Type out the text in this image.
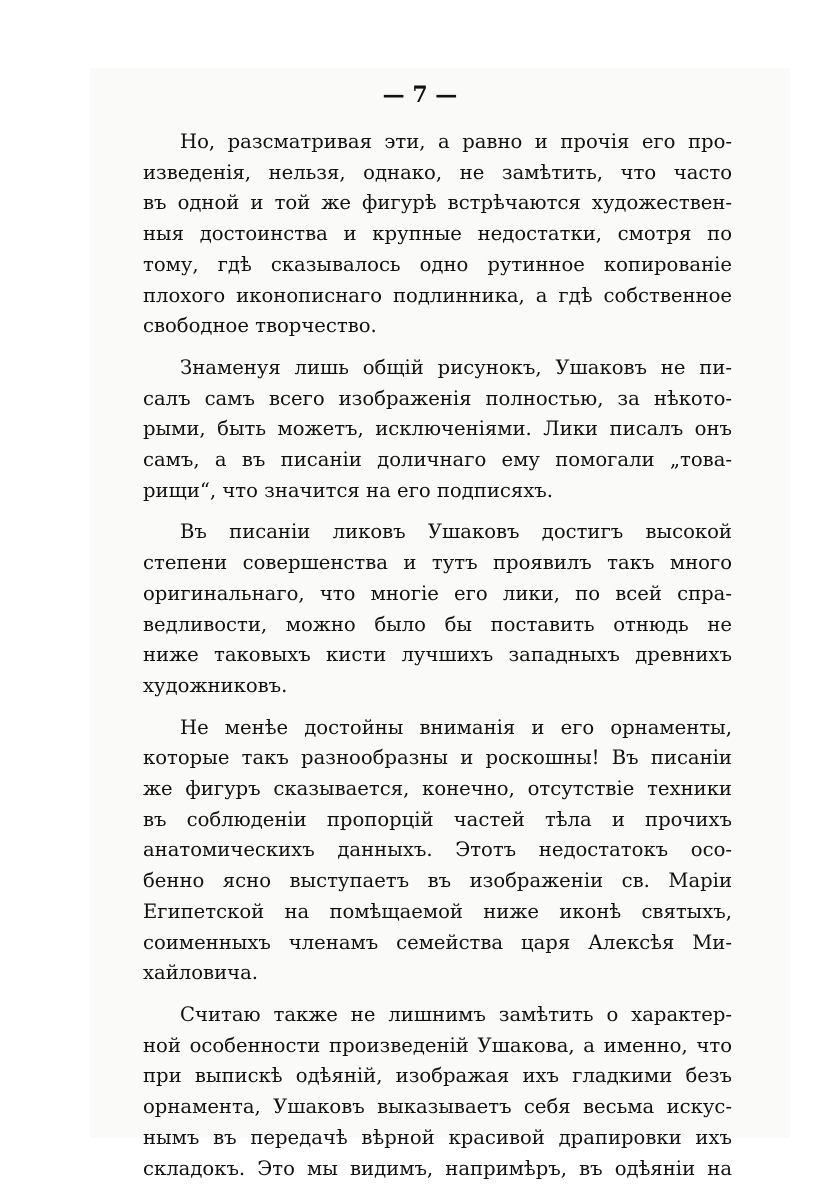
— 7 —
Но, разсматривая эти, а равно и прочія его про-
изведенія, нельзя, однако, не замѣтить, что часто
въ одной и той же фигурѣ встрѣчаются художествен-
ныя достоинства и крупные недостатки, смотря по
тому, гдѣ сказывалось одно рутинное копированіе
плохого иконописнаго подлинника, а гдѣ собственное
свободное творчество.
Знаменуя лишь общій рисунокъ, Ушаковъ не пи-
салъ самъ всего изображенія полностью, за нѣкото-
рыми, быть можетъ, исключеніями. Лики писалъ онъ
самъ, а въ писаніи доличнаго ему помогали „това-
рищи“, что значится на его подписяхъ.
Въ писаніи ликовъ Ушаковъ достигъ высокой
степени совершенства и тутъ проявилъ такъ много
оригинальнаго, что многіе его лики, по всей спра-
ведливости, можно было бы поставить отнюдь не
ниже таковыхъ кисти лучшихъ западныхъ древнихъ
художниковъ.
Не менѣе достойны вниманія и его орнаменты,
которые такъ разнообразны и роскошны! Въ писаніи
же фигуръ сказывается, конечно, отсутствіе техники
въ соблюденіи пропорцій частей тѣла и прочихъ
анатомическихъ данныхъ. Этотъ недостатокъ осо-
бенно ясно выступаетъ въ изображеніи св. Маріи
Египетской на помѣщаемой ниже иконѣ святыхъ,
соименныхъ членамъ семейства царя Алексѣя Ми-
хайловича.
Считаю также не лишнимъ замѣтить о характер-
ной особенности произведеній Ушакова, а именно, что
при выпискѣ одѣяній, изображая ихъ гладкими безъ
орнамента, Ушаковъ выказываетъ себя весьма искус-
нымъ въ передачѣ вѣрной красивой драпировки ихъ
складокъ. Это мы видимъ, напримѣръ, въ одѣяніи на
